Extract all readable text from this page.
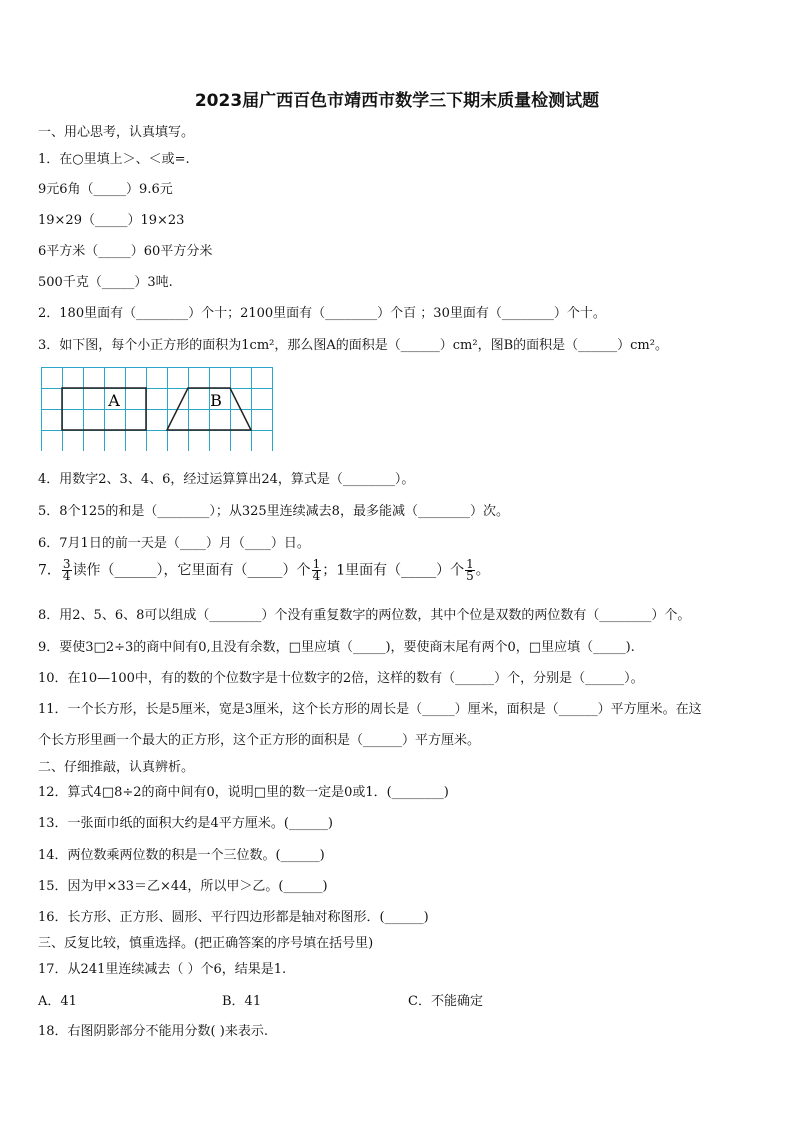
2023届广西百色市靖西市数学三下期末质量检测试题
一、用心思考，认真填写。
1．在○里填上＞、＜或=.
9元6角（_____）9.6元
19×29（_____）19×23
6平方米（_____）60平方分米
500千克（_____）3吨.
2．180里面有（________）个十；2100里面有（________）个百 ；30里面有（________）个十。
3．如下图，每个小正方形的面积为1cm²，那么图A的面积是（______）cm²，图B的面积是（______）cm²。
A	B
4．用数字2、3、4、6，经过运算算出24，算式是（________）。
5．8个125的和是（________）；从325里连续减去8，最多能减（________）次。
6．7月1日的前一天是（____）月（____）日。
7． $\frac{3}{4}$ 读作（______），它里面有（_____）个 $\frac{1}{4}$ ；1里面有（_____）个 $\frac{1}{5}$ 。
8．用2、5、6、8可以组成（________）个没有重复数字的两位数，其中个位是双数的两位数有（________）个。
9．要使3□2÷3的商中间有0,且没有余数，□里应填（_____)，要使商末尾有两个0，□里应填（_____).
10．在10—100中，有的数的个位数字是十位数字的2倍，这样的数有（______）个，分别是（______）。
11．一个长方形，长是5厘米，宽是3厘米，这个长方形的周长是（_____）厘米，面积是（______）平方厘米。在这
个长方形里画一个最大的正方形，这个正方形的面积是（______）平方厘米。
二、仔细推敲，认真辨析。
12．算式4□8÷2的商中间有0，说明□里的数一定是0或1．(________)
13．一张面巾纸的面积大约是4平方厘米。(______)
14．两位数乘两位数的积是一个三位数。(______)
15．因为甲×33＝乙×44，所以甲＞乙。(______)
16．长方形、正方形、圆形、平行四边形都是轴对称图形．(______)
三、反复比较，慎重选择。(把正确答案的序号填在括号里)
17．从241里连续减去（ ）个6，结果是1.
A．41	B．41	C．不能确定
18．右图阴影部分不能用分数( )来表示.
